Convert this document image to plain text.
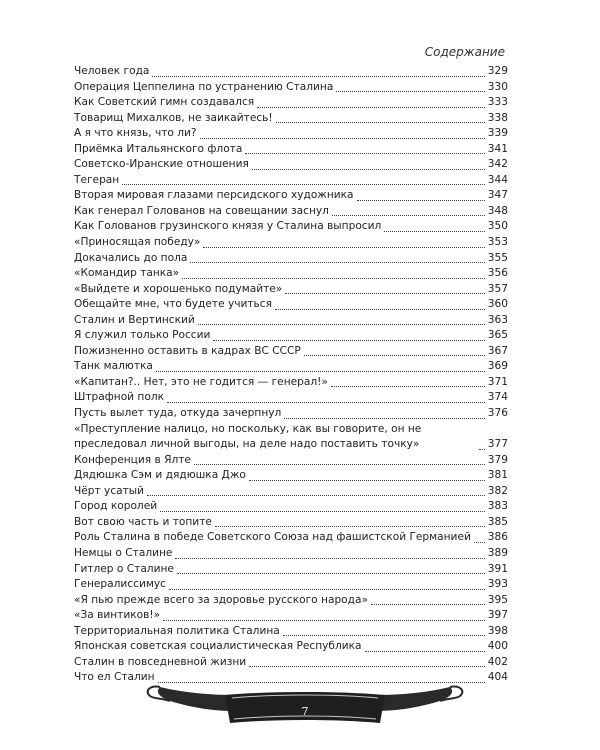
Содержание
Человек года	329
Операция Цеппелина по устранению Сталина	330
Как Советский гимн создавался	333
Товарищ Михалков, не заикайтесь!	338
А я что князь, что ли?	339
Приёмка Итальянского флота	341
Советско-Иранские отношения	342
Тегеран	344
Вторая мировая глазами персидского художника	347
Как генерал Голованов на совещании заснул	348
Как Голованов грузинского князя у Сталина выпросил	350
«Приносящая победу»	353
Докачались до пола	355
«Командир танка»	356
«Выйдете и хорошенько подумайте»	357
Обещайте мне, что будете учиться	360
Сталин и Вертинский	363
Я служил только России	365
Пожизненно оставить в кадрах ВС СССР	367
Танк малютка	369
«Капитан?.. Нет, это не годится — генерал!»	371
Штрафной полк	374
Пусть вылет туда, откуда зачерпнул	376
«Преступление налицо, но поскольку, как вы говорите, он не преследовал личной выгоды, на деле надо поставить точку»	377
Конференция в Ялте	379
Дядюшка Сэм и дядюшка Джо	381
Чёрт усатый	382
Город королей	383
Вот свою часть и топите	385
Роль Сталина в победе Советского Союза над фашистской Германией 386
Немцы о Сталине	389
Гитлер о Сталине	391
Генералиссимус	393
«Я пью прежде всего за здоровье русского народа»	395
«За винтиков!»	397
Территориальная политика Сталина	398
Японская советская социалистическая Республика	400
Сталин в повседневной жизни	402
Что ел Сталин	404
7
